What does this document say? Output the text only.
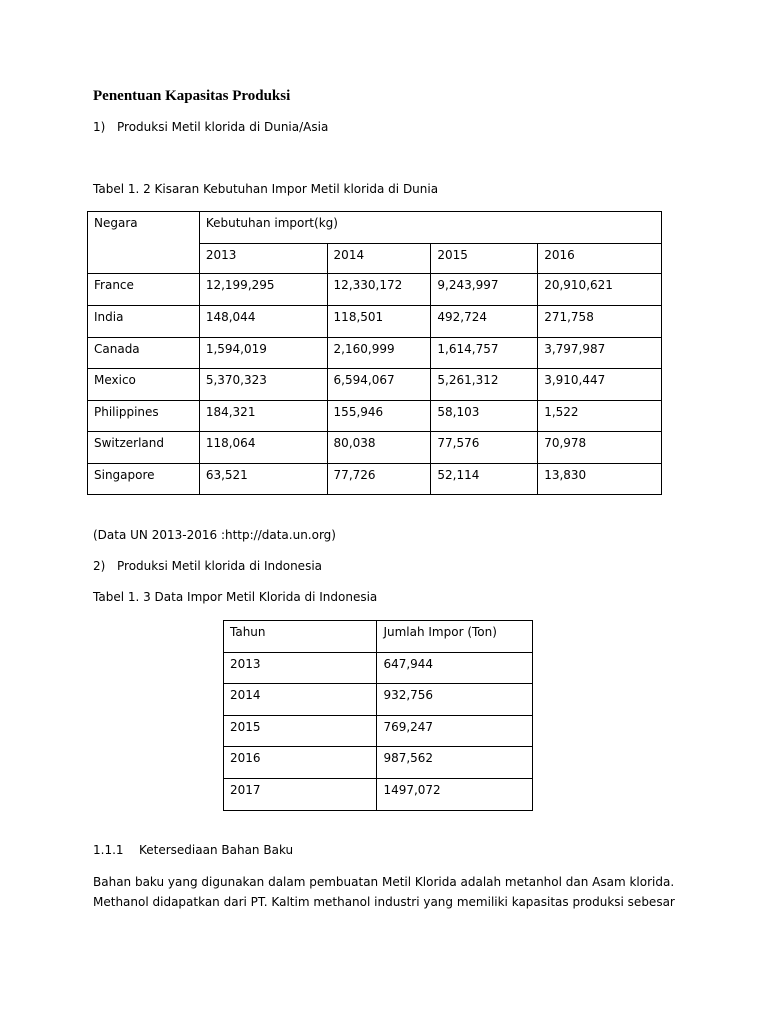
Penentuan Kapasitas Produksi
1) Produksi Metil klorida di Dunia/Asia
Tabel 1. 2 Kisaran Kebutuhan Impor Metil klorida di Dunia
Negara	Kebutuhan import(kg)			
	2013	2014	2015	2016
France	12,199,295	12,330,172	9,243,997	20,910,621
India	148,044	118,501	492,724	271,758
Canada	1,594,019	2,160,999	1,614,757	3,797,987
Mexico	5,370,323	6,594,067	5,261,312	3,910,447
Philippines	184,321	155,946	58,103	1,522
Switzerland	118,064	80,038	77,576	70,978
Singapore	63,521	77,726	52,114	13,830
(Data UN 2013-2016 :http://data.un.org)
2) Produksi Metil klorida di Indonesia
Tabel 1. 3 Data Impor Metil Klorida di Indonesia
Tahun	Jumlah Impor (Ton)
2013	647,944
2014	932,756
2015	769,247
2016	987,562
2017	1497,072
1.1.1 Ketersediaan Bahan Baku
Bahan baku yang digunakan dalam pembuatan Metil Klorida adalah metanhol dan Asam klorida. Methanol didapatkan dari PT. Kaltim methanol industri yang memiliki kapasitas produksi sebesar
